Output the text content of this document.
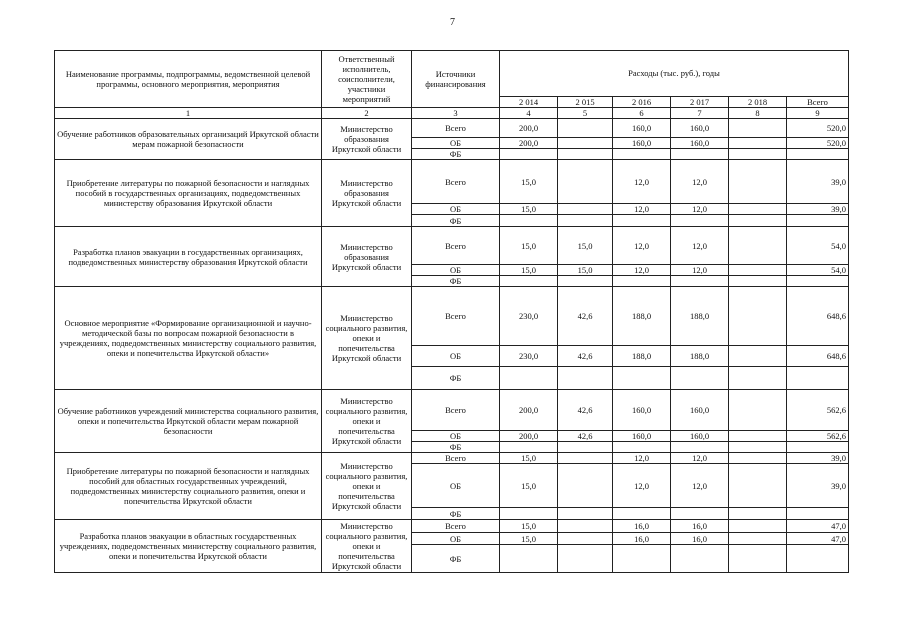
7
Наименование программы, подпрограммы, ведомственной целевой программы, основного мероприятия, мероприятия	Ответственный исполнитель, соисполнители, участники мероприятий	Источники финансирования	Расходы (тыс. руб.), годы					
			2 014	2 015	2 016	2 017	2 018	Всего
1	2	3	4	5	6	7	8	9
Обучение работников образовательных организаций Иркутской области мерам пожарной безопасности	Министерство образования Иркутской области	Всего	200,0		160,0	160,0		520,0
		ОБ	200,0		160,0	160,0		520,0
		ФБ						
Приобретение литературы по пожарной безопасности и наглядных пособий в государственных организациях, подведомственных министерству образования Иркутской области	Министерство образования Иркутской области	Всего	15,0		12,0	12,0		39,0
		ОБ	15,0		12,0	12,0		39,0
		ФБ						
Разработка планов эвакуации в государственных организациях, подведомственных министерству образования Иркутской области	Министерство образования Иркутской области	Всего	15,0	15,0	12,0	12,0		54,0
		ОБ	15,0	15,0	12,0	12,0		54,0
		ФБ						
Основное мероприятие «Формирование организационной и научно-методической базы по вопросам пожарной безопасности в учреждениях, подведомственных министерству социального развития, опеки и попечительства Иркутской области»	Министерство социального развития, опеки и попечительства Иркутской области	Всего	230,0	42,6	188,0	188,0		648,6
		ОБ	230,0	42,6	188,0	188,0		648,6
		ФБ						
Обучение работников учреждений министерства социального развития, опеки и попечительства Иркутской области мерам пожарной безопасности	Министерство социального развития, опеки и попечительства Иркутской области	Всего	200,0	42,6	160,0	160,0		562,6
		ОБ	200,0	42,6	160,0	160,0		562,6
		ФБ						
Приобретение литературы по пожарной безопасности и наглядных пособий для областных государственных учреждений, подведомственных министерству социального развития, опеки и попечительства Иркутской области	Министерство социального развития, опеки и попечительства Иркутской области	Всего	15,0		12,0	12,0		39,0
		ОБ	15,0		12,0	12,0		39,0
		ФБ						
Разработка планов эвакуации в областных государственных учреждениях, подведомственных министерству социального развития, опеки и попечительства Иркутской области	Министерство социального развития, опеки и попечительства Иркутской области	Всего	15,0		16,0	16,0		47,0
		ОБ	15,0		16,0	16,0		47,0
		ФБ						
